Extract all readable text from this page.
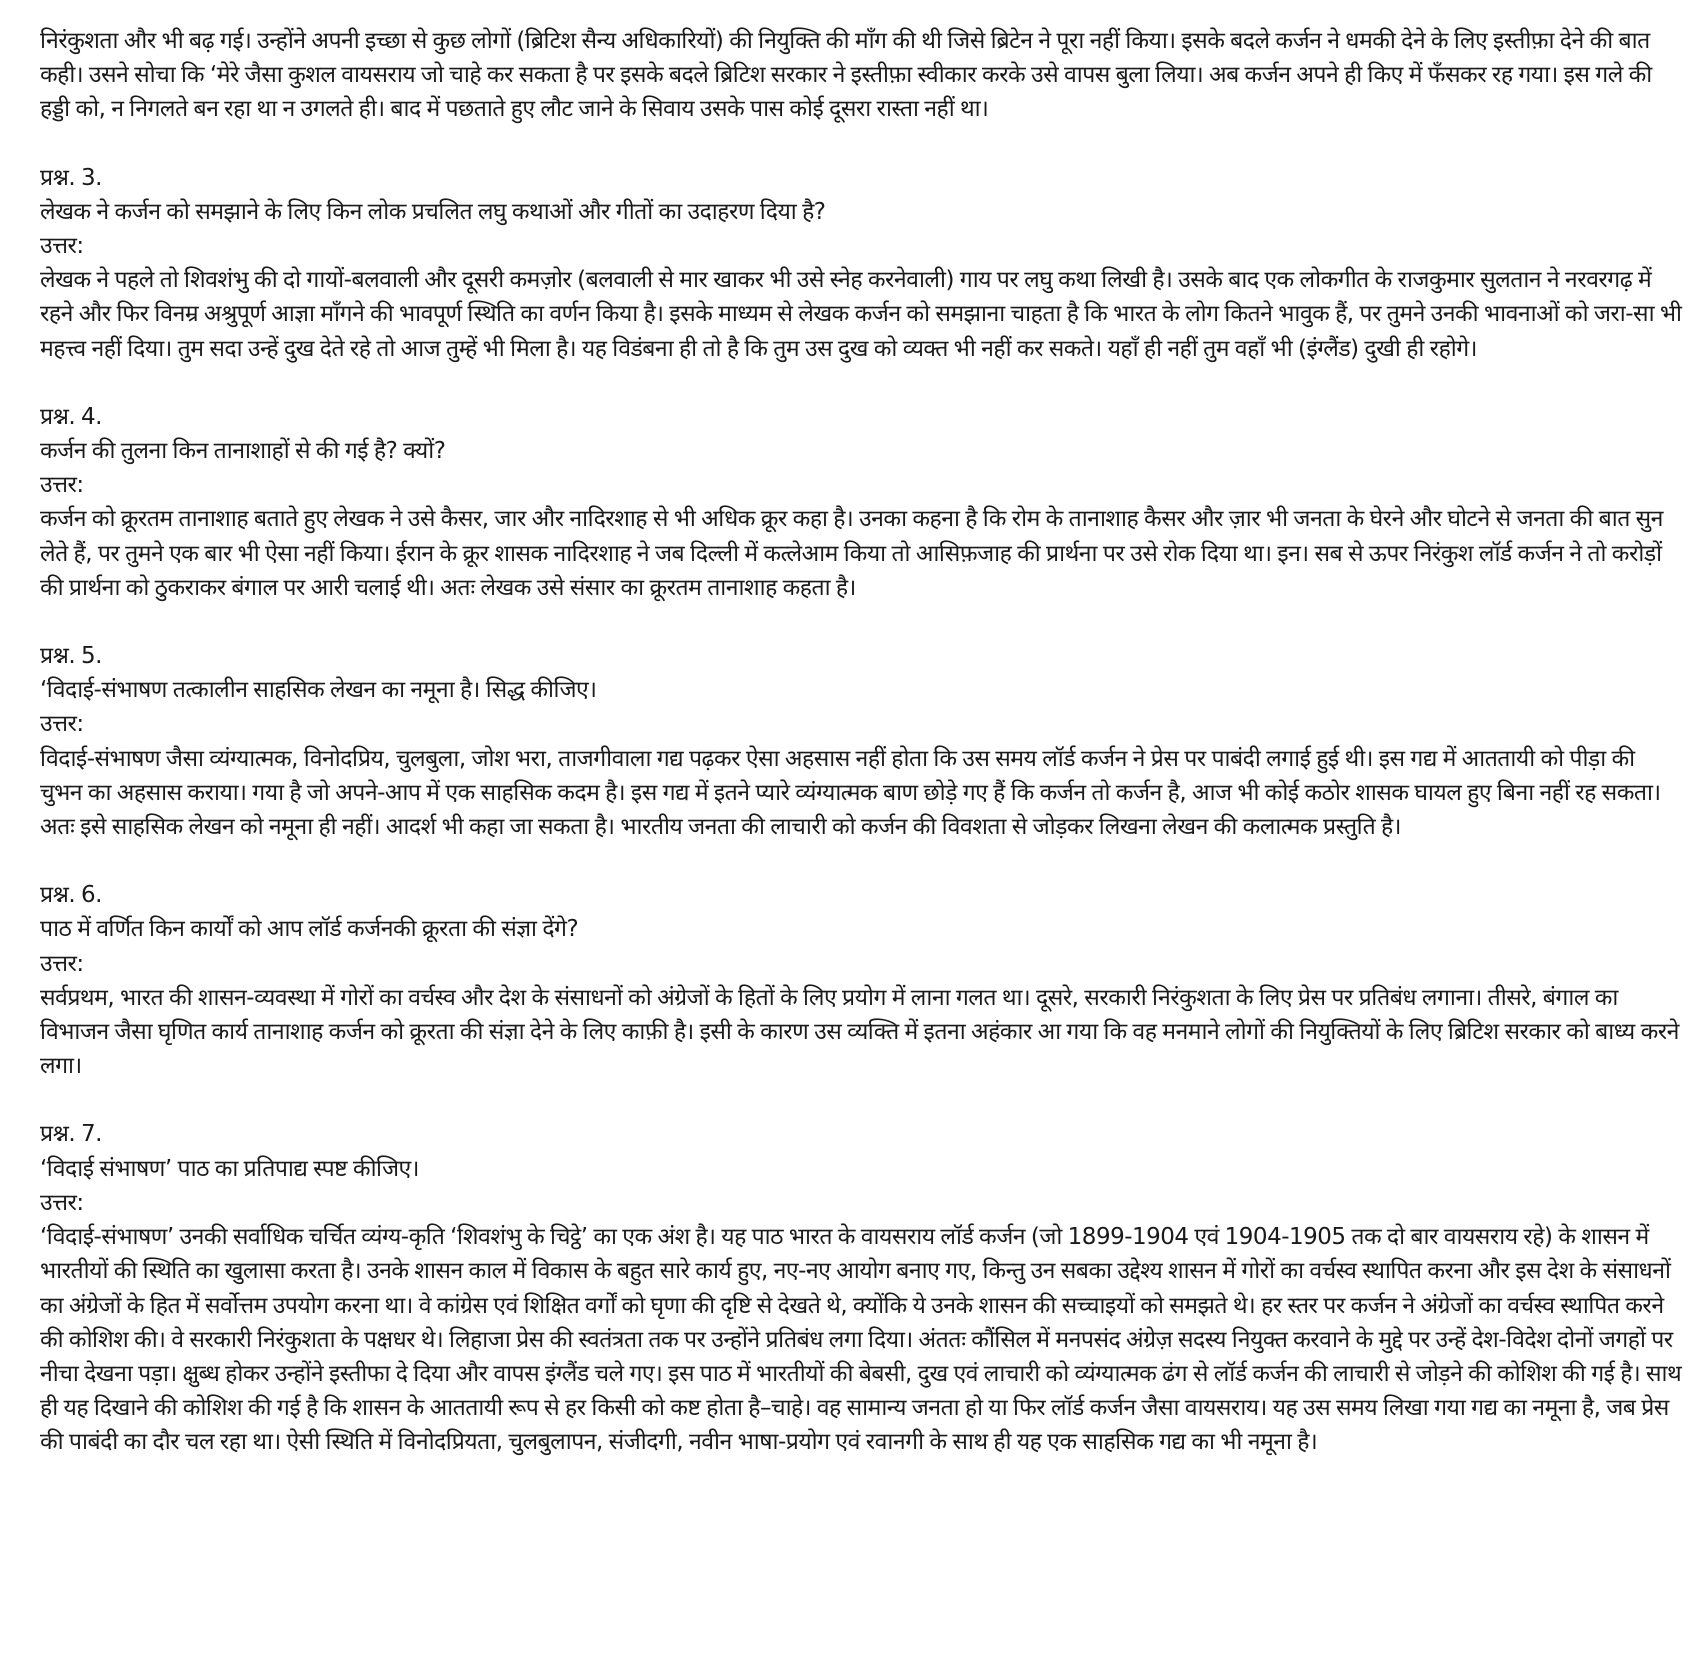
निरंकुशता और भी बढ़ गई। उन्होंने अपनी इच्छा से कुछ लोगों (ब्रिटिश सैन्य अधिकारियों) की नियुक्ति की माँग की थी जिसे ब्रिटेन ने पूरा नहीं किया। इसके बदले कर्जन ने धमकी देने के लिए इस्तीफ़ा देने की बात कही। उसने सोचा कि ‘मेरे जैसा कुशल वायसराय जो चाहे कर सकता है पर इसके बदले ब्रिटिश सरकार ने इस्तीफ़ा स्वीकार करके उसे वापस बुला लिया। अब कर्जन अपने ही किए में फँसकर रह गया। इस गले की हड्डी को, न निगलते बन रहा था न उगलते ही। बाद में पछताते हुए लौट जाने के सिवाय उसके पास कोई दूसरा रास्ता नहीं था।

प्रश्न. 3.

लेखक ने कर्जन को समझाने के लिए किन लोक प्रचलित लघु कथाओं और गीतों का उदाहरण दिया है?

उत्तर:

लेखक ने पहले तो शिवशंभु की दो गायों-बलवाली और दूसरी कमज़ोर (बलवाली से मार खाकर भी उसे स्नेह करनेवाली) गाय पर लघु कथा लिखी है। उसके बाद एक लोकगीत के राजकुमार सुलतान ने नरवरगढ़ में रहने और फिर विनम्र अश्रुपूर्ण आज्ञा माँगने की भावपूर्ण स्थिति का वर्णन किया है। इसके माध्यम से लेखक कर्जन को समझाना चाहता है कि भारत के लोग कितने भावुक हैं, पर तुमने उनकी भावनाओं को जरा-सा भी महत्त्व नहीं दिया। तुम सदा उन्हें दुख देते रहे तो आज तुम्हें भी मिला है। यह विडंबना ही तो है कि तुम उस दुख को व्यक्त भी नहीं कर सकते। यहाँ ही नहीं तुम वहाँ भी (इंग्लैंड) दुखी ही रहोगे।

प्रश्न. 4.

कर्जन की तुलना किन तानाशाहों से की गई है? क्यों?

उत्तर:

कर्जन को क्रूरतम तानाशाह बताते हुए लेखक ने उसे कैसर, जार और नादिरशाह से भी अधिक क्रूर कहा है। उनका कहना है कि रोम के तानाशाह कैसर और ज़ार भी जनता के घेरने और घोटने से जनता की बात सुन लेते हैं, पर तुमने एक बार भी ऐसा नहीं किया। ईरान के क्रूर शासक नादिरशाह ने जब दिल्ली में कत्लेआम किया तो आसिफ़जाह की प्रार्थना पर उसे रोक दिया था। इन। सब से ऊपर निरंकुश लॉर्ड कर्जन ने तो करोड़ों की प्रार्थना को ठुकराकर बंगाल पर आरी चलाई थी। अतः लेखक उसे संसार का क्रूरतम तानाशाह कहता है।

प्रश्न. 5.

‘विदाई-संभाषण तत्कालीन साहसिक लेखन का नमूना है। सिद्ध कीजिए।

उत्तर:

विदाई-संभाषण जैसा व्यंग्यात्मक, विनोदप्रिय, चुलबुला, जोश भरा, ताजगीवाला गद्य पढ़कर ऐसा अहसास नहीं होता कि उस समय लॉर्ड कर्जन ने प्रेस पर पाबंदी लगाई हुई थी। इस गद्य में आततायी को पीड़ा की चुभन का अहसास कराया। गया है जो अपने-आप में एक साहसिक कदम है। इस गद्य में इतने प्यारे व्यंग्यात्मक बाण छोड़े गए हैं कि कर्जन तो कर्जन है, आज भी कोई कठोर शासक घायल हुए बिना नहीं रह सकता। अतः इसे साहसिक लेखन को नमूना ही नहीं। आदर्श भी कहा जा सकता है। भारतीय जनता की लाचारी को कर्जन की विवशता से जोड़कर लिखना लेखन की कलात्मक प्रस्तुति है।

प्रश्न. 6.

पाठ में वर्णित किन कार्यों को आप लॉर्ड कर्जनकी क्रूरता की संज्ञा देंगे?

उत्तर:

सर्वप्रथम, भारत की शासन-व्यवस्था में गोरों का वर्चस्व और देश के संसाधनों को अंग्रेजों के हितों के लिए प्रयोग में लाना गलत था। दूसरे, सरकारी निरंकुशता के लिए प्रेस पर प्रतिबंध लगाना। तीसरे, बंगाल का विभाजन जैसा घृणित कार्य तानाशाह कर्जन को क्रूरता की संज्ञा देने के लिए काफ़ी है। इसी के कारण उस व्यक्ति में इतना अहंकार आ गया कि वह मनमाने लोगों की नियुक्तियों के लिए ब्रिटिश सरकार को बाध्य करने लगा।

प्रश्न. 7.

‘विदाई संभाषण’ पाठ का प्रतिपाद्य स्पष्ट कीजिए।

उत्तर:

‘विदाई-संभाषण’ उनकी सर्वाधिक चर्चित व्यंग्य-कृति ‘शिवशंभु के चिट्ठे’ का एक अंश है। यह पाठ भारत के वायसराय लॉर्ड कर्जन (जो 1899-1904 एवं 1904-1905 तक दो बार वायसराय रहे) के शासन में भारतीयों की स्थिति का खुलासा करता है। उनके शासन काल में विकास के बहुत सारे कार्य हुए, नए-नए आयोग बनाए गए, किन्तु उन सबका उद्देश्य शासन में गोरों का वर्चस्व स्थापित करना और इस देश के संसाधनों का अंग्रेजों के हित में सर्वोत्तम उपयोग करना था। वे कांग्रेस एवं शिक्षित वर्गों को घृणा की दृष्टि से देखते थे, क्योंकि ये उनके शासन की सच्चाइयों को समझते थे। हर स्तर पर कर्जन ने अंग्रेजों का वर्चस्व स्थापित करने की कोशिश की। वे सरकारी निरंकुशता के पक्षधर थे। लिहाजा प्रेस की स्वतंत्रता तक पर उन्होंने प्रतिबंध लगा दिया। अंततः कौंसिल में मनपसंद अंग्रेज़ सदस्य नियुक्त करवाने के मुद्दे पर उन्हें देश-विदेश दोनों जगहों पर नीचा देखना पड़ा। क्षुब्ध होकर उन्होंने इस्तीफा दे दिया और वापस इंग्लैंड चले गए। इस पाठ में भारतीयों की बेबसी, दुख एवं लाचारी को व्यंग्यात्मक ढंग से लॉर्ड कर्जन की लाचारी से जोड़ने की कोशिश की गई है। साथ ही यह दिखाने की कोशिश की गई है कि शासन के आततायी रूप से हर किसी को कष्ट होता है–चाहे। वह सामान्य जनता हो या फिर लॉर्ड कर्जन जैसा वायसराय। यह उस समय लिखा गया गद्य का नमूना है, जब प्रेस की पाबंदी का दौर चल रहा था। ऐसी स्थिति में विनोदप्रियता, चुलबुलापन, संजीदगी, नवीन भाषा-प्रयोग एवं रवानगी के साथ ही यह एक साहसिक गद्य का भी नमूना है।
